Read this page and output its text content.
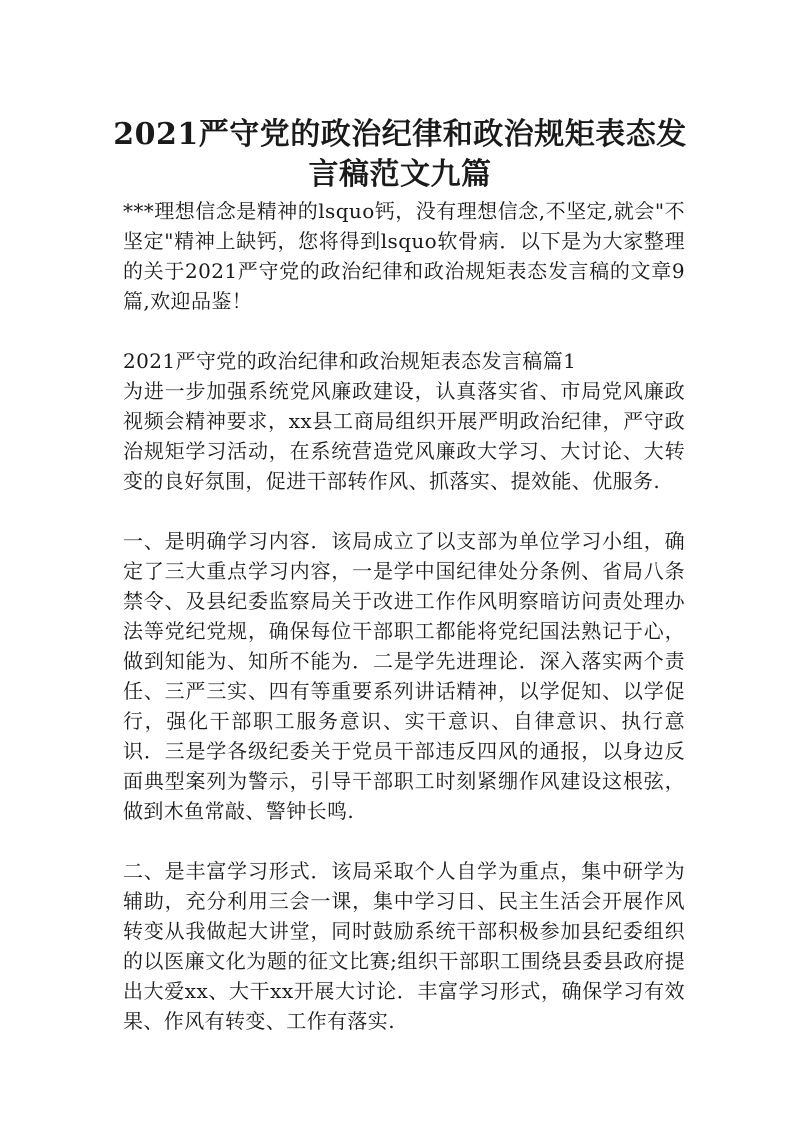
2021严守党的政治纪律和政治规矩表态发言稿范文九篇

***理想信念是精神的lsquo钙，没有理想信念,不坚定,就会"不坚定"精神上缺钙，您将得到lsquo软骨病．以下是为大家整理的关于2021严守党的政治纪律和政治规矩表态发言稿的文章9篇,欢迎品鉴！

2021严守党的政治纪律和政治规矩表态发言稿篇1

为进一步加强系统党风廉政建设，认真落实省、市局党风廉政视频会精神要求，xx县工商局组织开展严明政治纪律，严守政治规矩学习活动，在系统营造党风廉政大学习、大讨论、大转变的良好氛围，促进干部转作风、抓落实、提效能、优服务.

一、是明确学习内容．该局成立了以支部为单位学习小组，确定了三大重点学习内容，一是学中国纪律处分条例、省局八条禁令、及县纪委监察局关于改进工作作风明察暗访问责处理办法等党纪党规，确保每位干部职工都能将党纪国法熟记于心，做到知能为、知所不能为．二是学先进理论．深入落实两个责任、三严三实、四有等重要系列讲话精神，以学促知、以学促行，强化干部职工服务意识、实干意识、自律意识、执行意识．三是学各级纪委关于党员干部违反四风的通报，以身边反面典型案列为警示，引导干部职工时刻紧绷作风建设这根弦，做到木鱼常敲、警钟长鸣.

二、是丰富学习形式．该局采取个人自学为重点，集中研学为辅助，充分利用三会一课，集中学习日、民主生活会开展作风转变从我做起大讲堂，同时鼓励系统干部积极参加县纪委组织的以医廉文化为题的征文比赛;组织干部职工围绕县委县政府提出大爱xx、大干xx开展大讨论．丰富学习形式，确保学习有效果、作风有转变、工作有落实.
